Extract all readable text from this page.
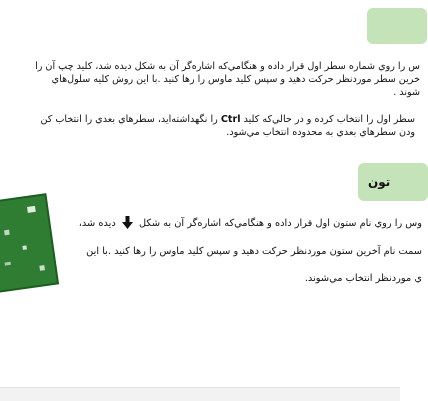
ﺱ را روي شماره سطر اول قرار داده و هنگامي‌که اشاره‌گر آن به شكل ديده شد، كليد چپ آن را
خرين سطر موردنظر حركت دهيد و سپس كليد ماوس را رها كنيد .با اين روش كليه سلول‌هاي
شوند .
سطر اول را انتخاب کرده و در حالي‌که کليد Ctrl را نگهداشته‌ايد، سطرهاي بعدي را انتخاب کن
ودن سطرهاي بعدي به محدوده انتخاب مي‌شود.
تون
وس را روي نام ستون اول قرار داده و هنگامي‌که اشاره‌گر آن به شکل  ديده شد،
سمت نام آخرين ستون موردنظر حركت دهيد و سپس كليد ماوس را رها كنيد .با اين
ي موردنظر انتخاب مي‌شوند.
